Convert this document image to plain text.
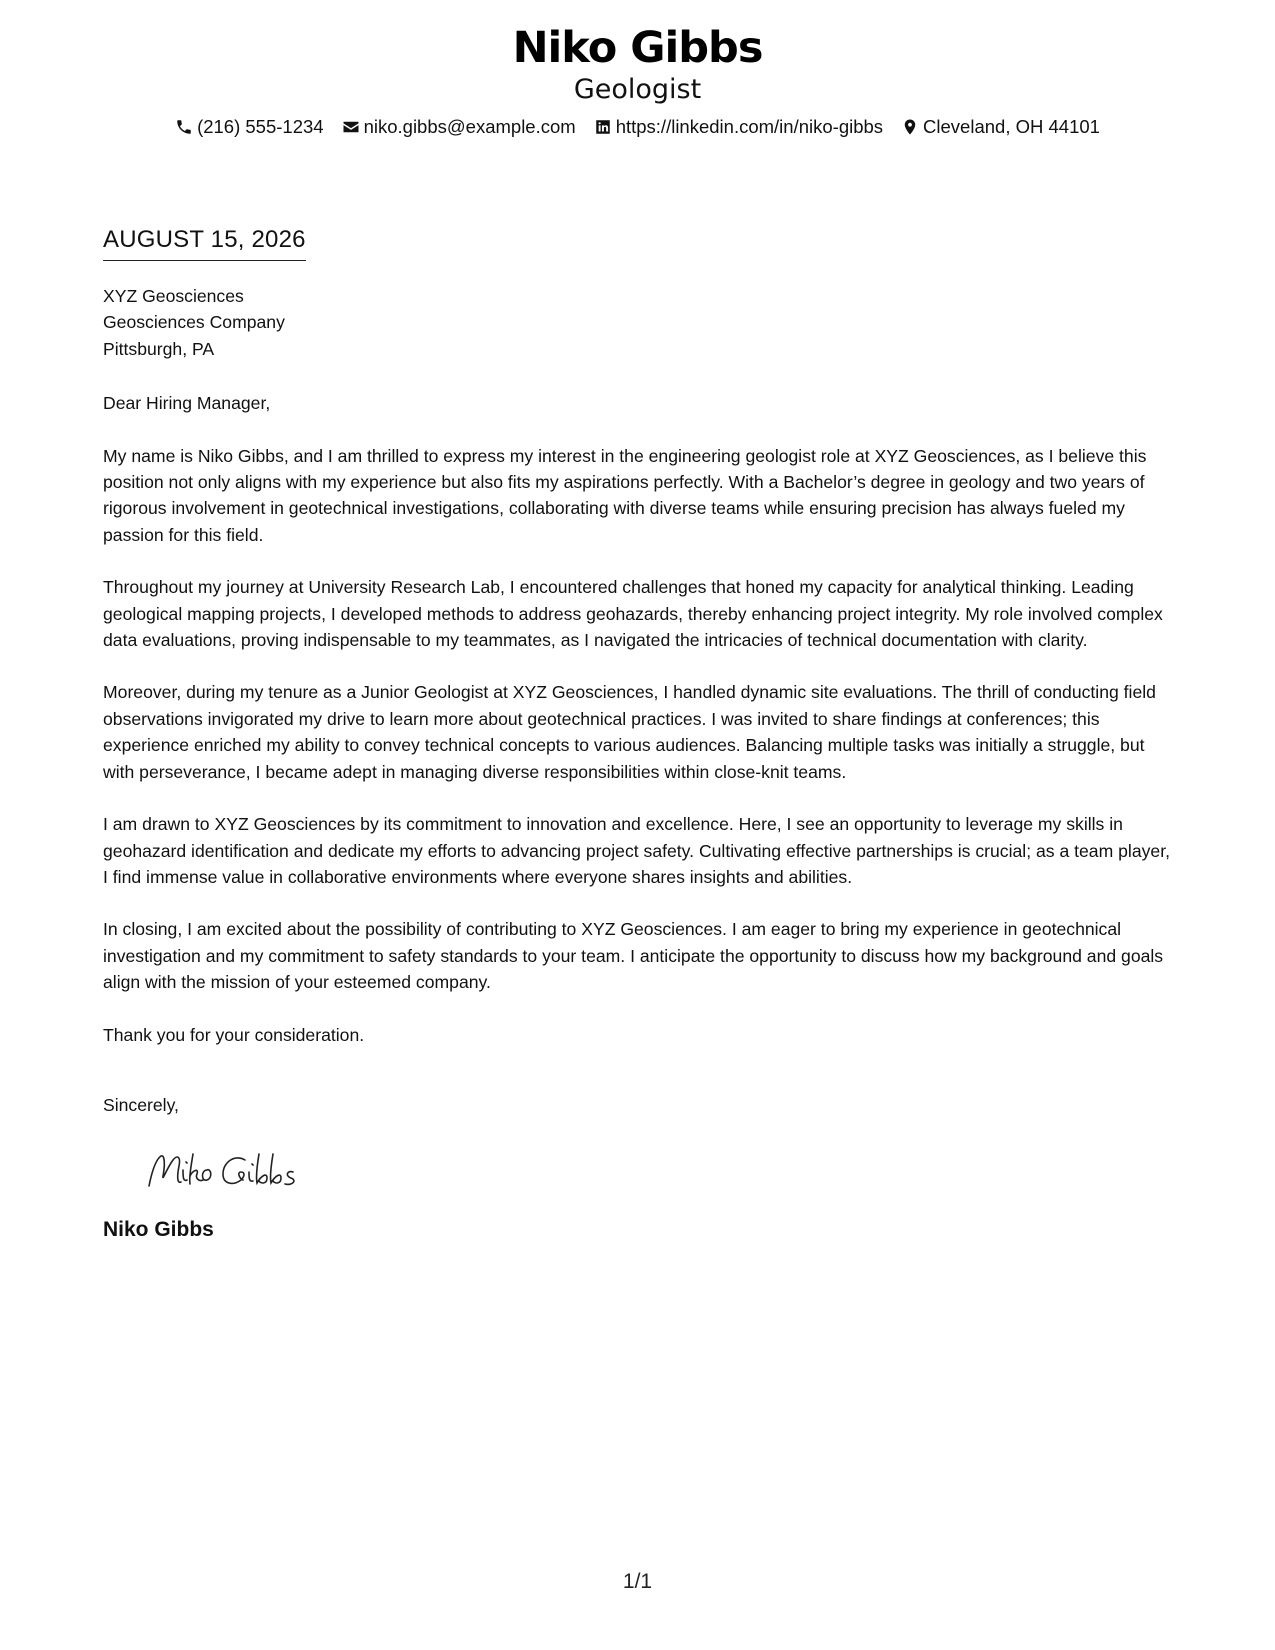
Niko Gibbs
Geologist
(216) 555-1234 niko.gibbs@example.com https://linkedin.com/in/niko-gibbs Cleveland, OH 44101
AUGUST 15, 2026
XYZ Geosciences
Geosciences Company
Pittsburgh, PA
Dear Hiring Manager,
My name is Niko Gibbs, and I am thrilled to express my interest in the engineering geologist role at XYZ Geosciences, as I believe this position not only aligns with my experience but also fits my aspirations perfectly. With a Bachelor’s degree in geology and two years of rigorous involvement in geotechnical investigations, collaborating with diverse teams while ensuring precision has always fueled my passion for this field.
Throughout my journey at University Research Lab, I encountered challenges that honed my capacity for analytical thinking. Leading geological mapping projects, I developed methods to address geohazards, thereby enhancing project integrity. My role involved complex data evaluations, proving indispensable to my teammates, as I navigated the intricacies of technical documentation with clarity.
Moreover, during my tenure as a Junior Geologist at XYZ Geosciences, I handled dynamic site evaluations. The thrill of conducting field observations invigorated my drive to learn more about geotechnical practices. I was invited to share findings at conferences; this experience enriched my ability to convey technical concepts to various audiences. Balancing multiple tasks was initially a struggle, but with perseverance, I became adept in managing diverse responsibilities within close-knit teams.
I am drawn to XYZ Geosciences by its commitment to innovation and excellence. Here, I see an opportunity to leverage my skills in geohazard identification and dedicate my efforts to advancing project safety. Cultivating effective partnerships is crucial; as a team player, I find immense value in collaborative environments where everyone shares insights and abilities.
In closing, I am excited about the possibility of contributing to XYZ Geosciences. I am eager to bring my experience in geotechnical investigation and my commitment to safety standards to your team. I anticipate the opportunity to discuss how my background and goals align with the mission of your esteemed company.
Thank you for your consideration.
Sincerely,
Niko Gibbs
1/1
